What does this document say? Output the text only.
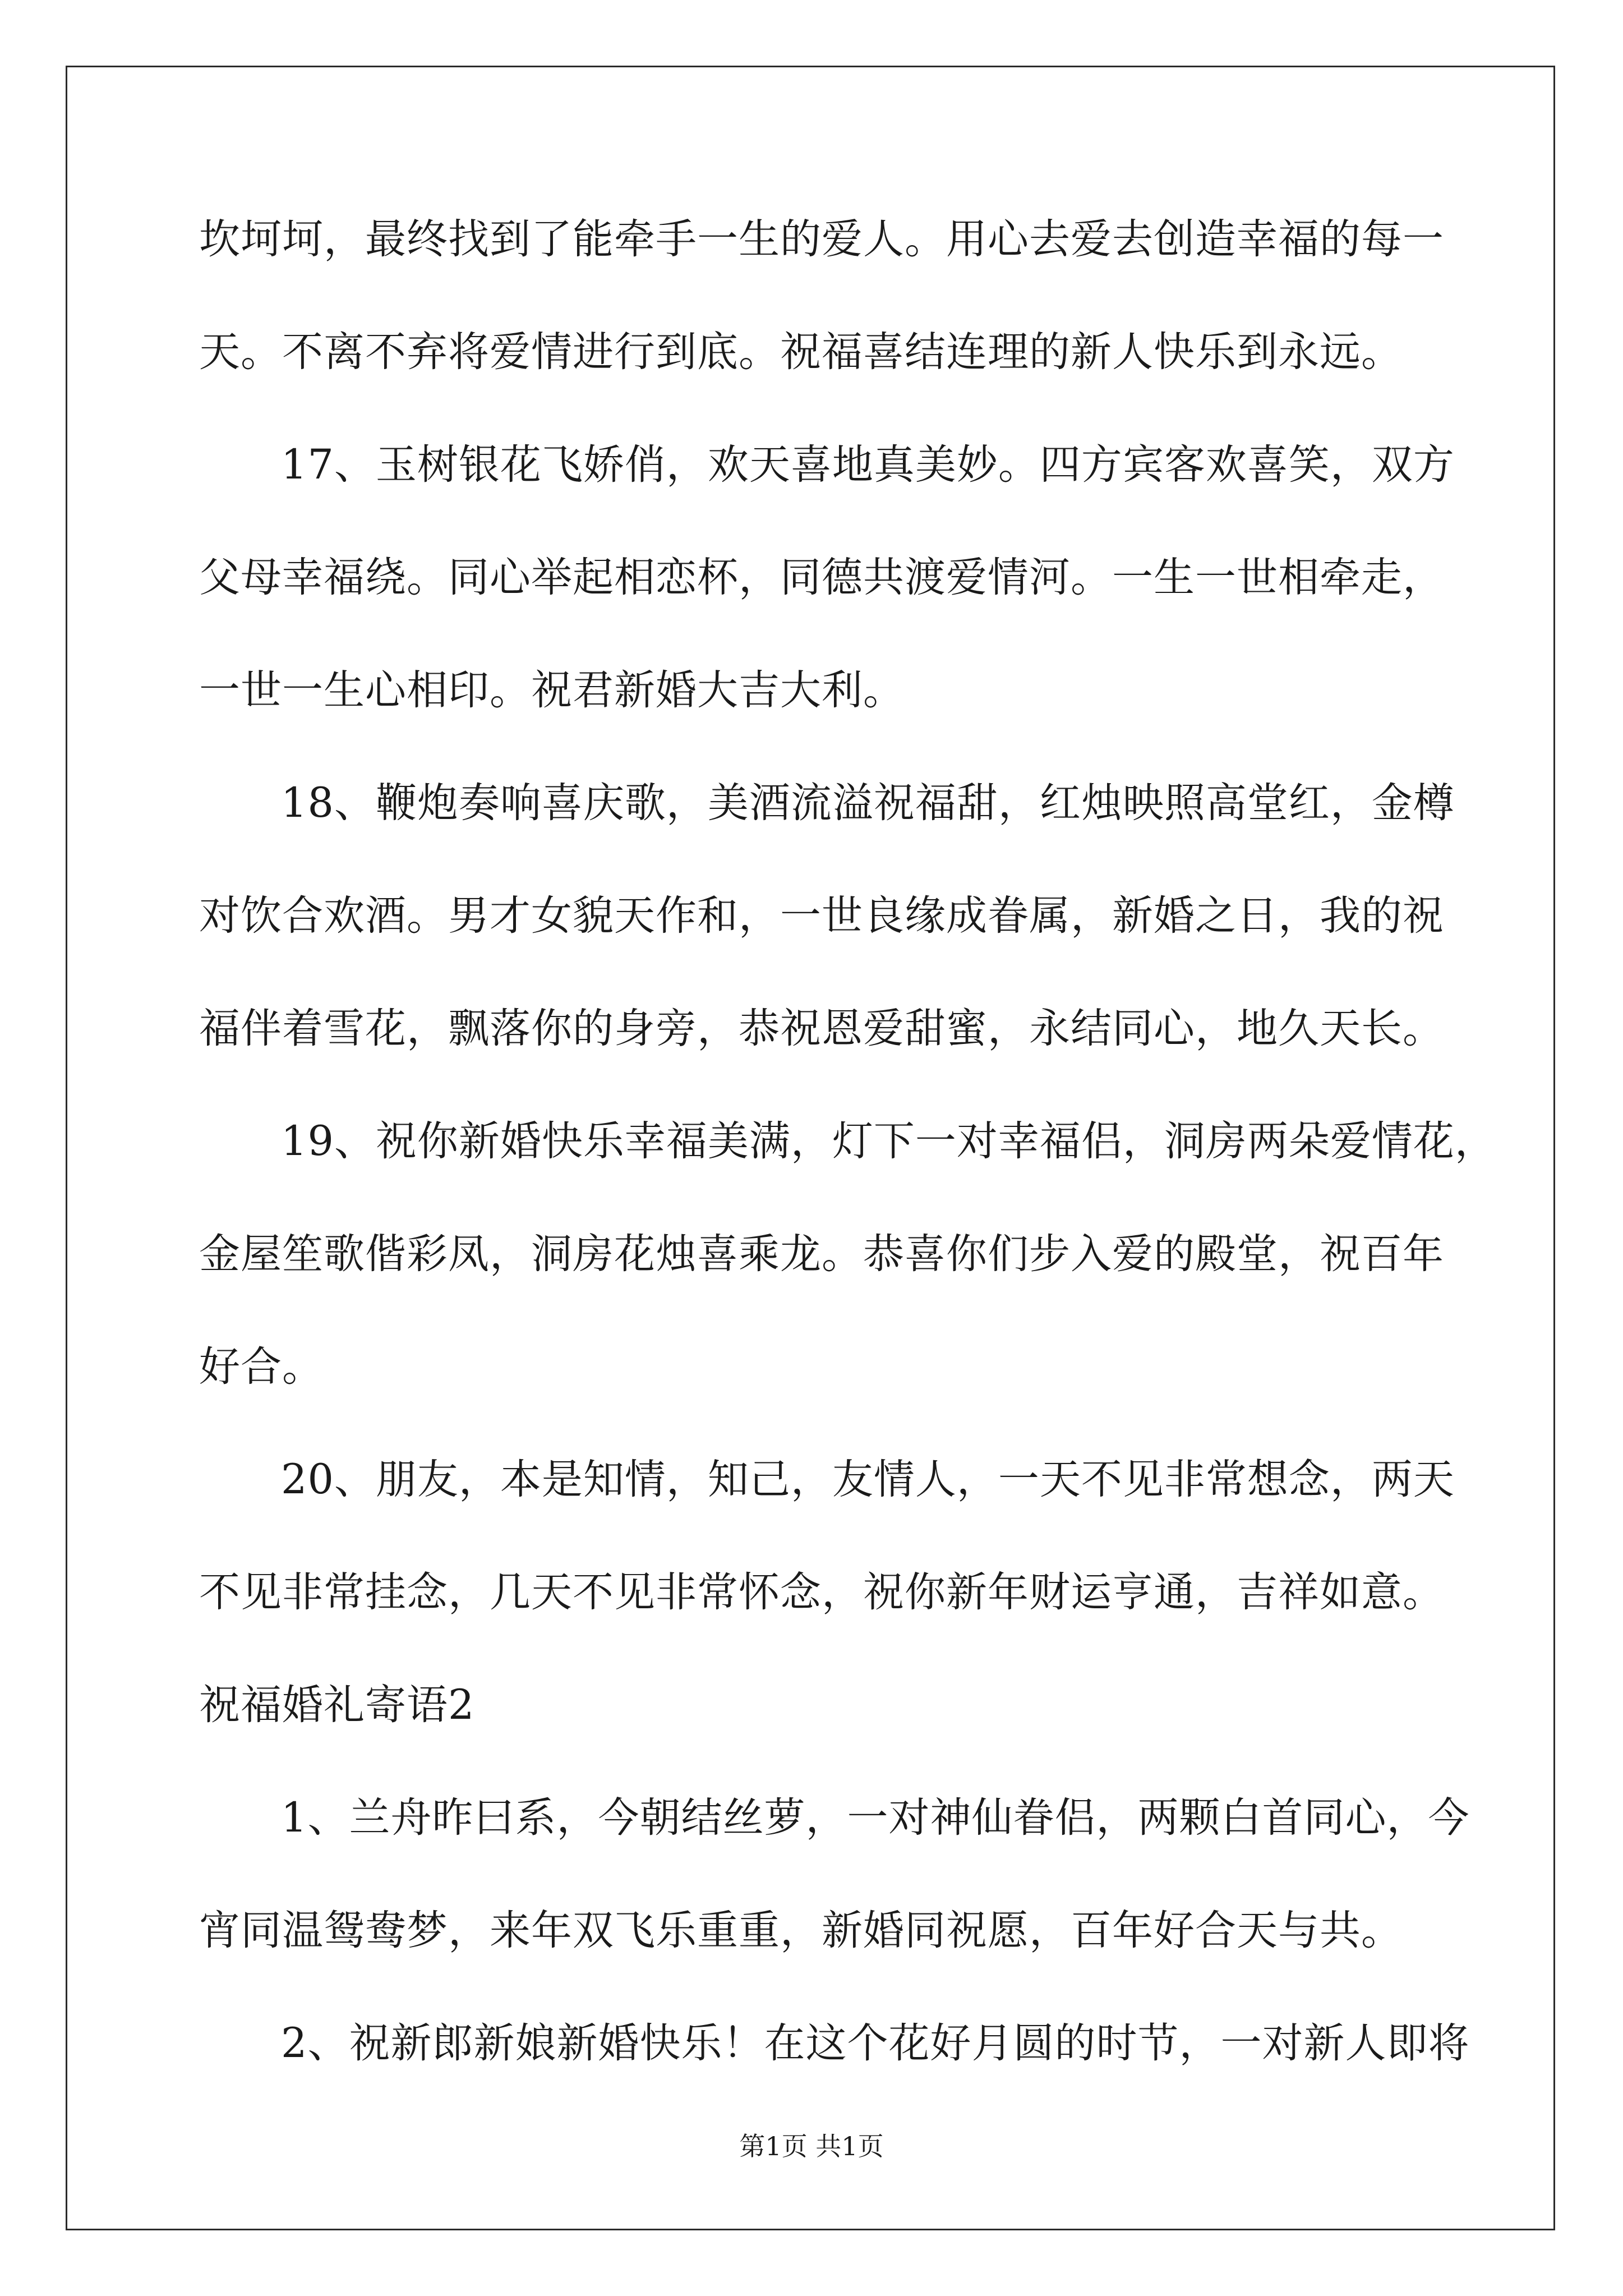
坎坷坷，最终找到了能牵手一生的爱人。用心去爱去创造幸福的每一
天。不离不弃将爱情进行到底。祝福喜结连理的新人快乐到永远。
17、玉树银花飞娇俏，欢天喜地真美妙。四方宾客欢喜笑，双方
父母幸福绕。同心举起相恋杯，同德共渡爱情河。一生一世相牵走，
一世一生心相印。祝君新婚大吉大利。
18、鞭炮奏响喜庆歌，美酒流溢祝福甜，红烛映照高堂红，金樽
对饮合欢酒。男才女貌天作和，一世良缘成眷属，新婚之日，我的祝
福伴着雪花，飘落你的身旁，恭祝恩爱甜蜜，永结同心，地久天长。
19、祝你新婚快乐幸福美满，灯下一对幸福侣，洞房两朵爱情花，
金屋笙歌偕彩凤，洞房花烛喜乘龙。恭喜你们步入爱的殿堂，祝百年
好合。
20、朋友，本是知情，知己，友情人，一天不见非常想念，两天
不见非常挂念，几天不见非常怀念，祝你新年财运亨通，吉祥如意。
祝福婚礼寄语2
1、兰舟昨曰系，今朝结丝萝，一对神仙眷侣，两颗白首同心，今
宵同温鸳鸯梦，来年双飞乐重重，新婚同祝愿，百年好合天与共。
2、祝新郎新娘新婚快乐！在这个花好月圆的时节，一对新人即将
第1页 共1页
